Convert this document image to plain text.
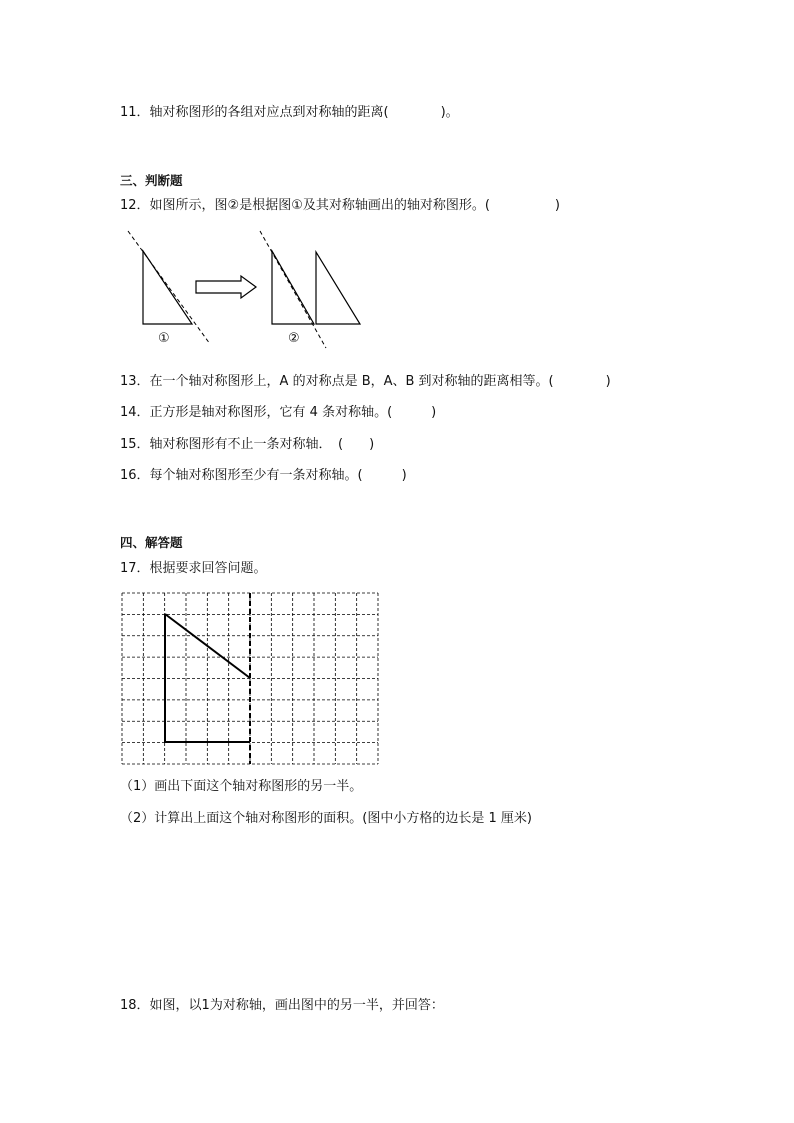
11．轴对称图形的各组对应点到对称轴的距离(　　　　)。
三、判断题
12．如图所示，图②是根据图①及其对称轴画出的轴对称图形。(　　　　　)
①	②
13．在一个轴对称图形上，A 的对称点是 B，A、B 到对称轴的距离相等。(　　　　)
14．正方形是轴对称图形，它有 4 条对称轴。(　　　)
15．轴对称图形有不止一条对称轴．　(　　)
16．每个轴对称图形至少有一条对称轴。(　　　)
四、解答题
17．根据要求回答问题。
（1）画出下面这个轴对称图形的另一半。
（2）计算出上面这个轴对称图形的面积。(图中小方格的边长是 1 厘米)
18．如图，以1为对称轴，画出图中的另一半，并回答：
